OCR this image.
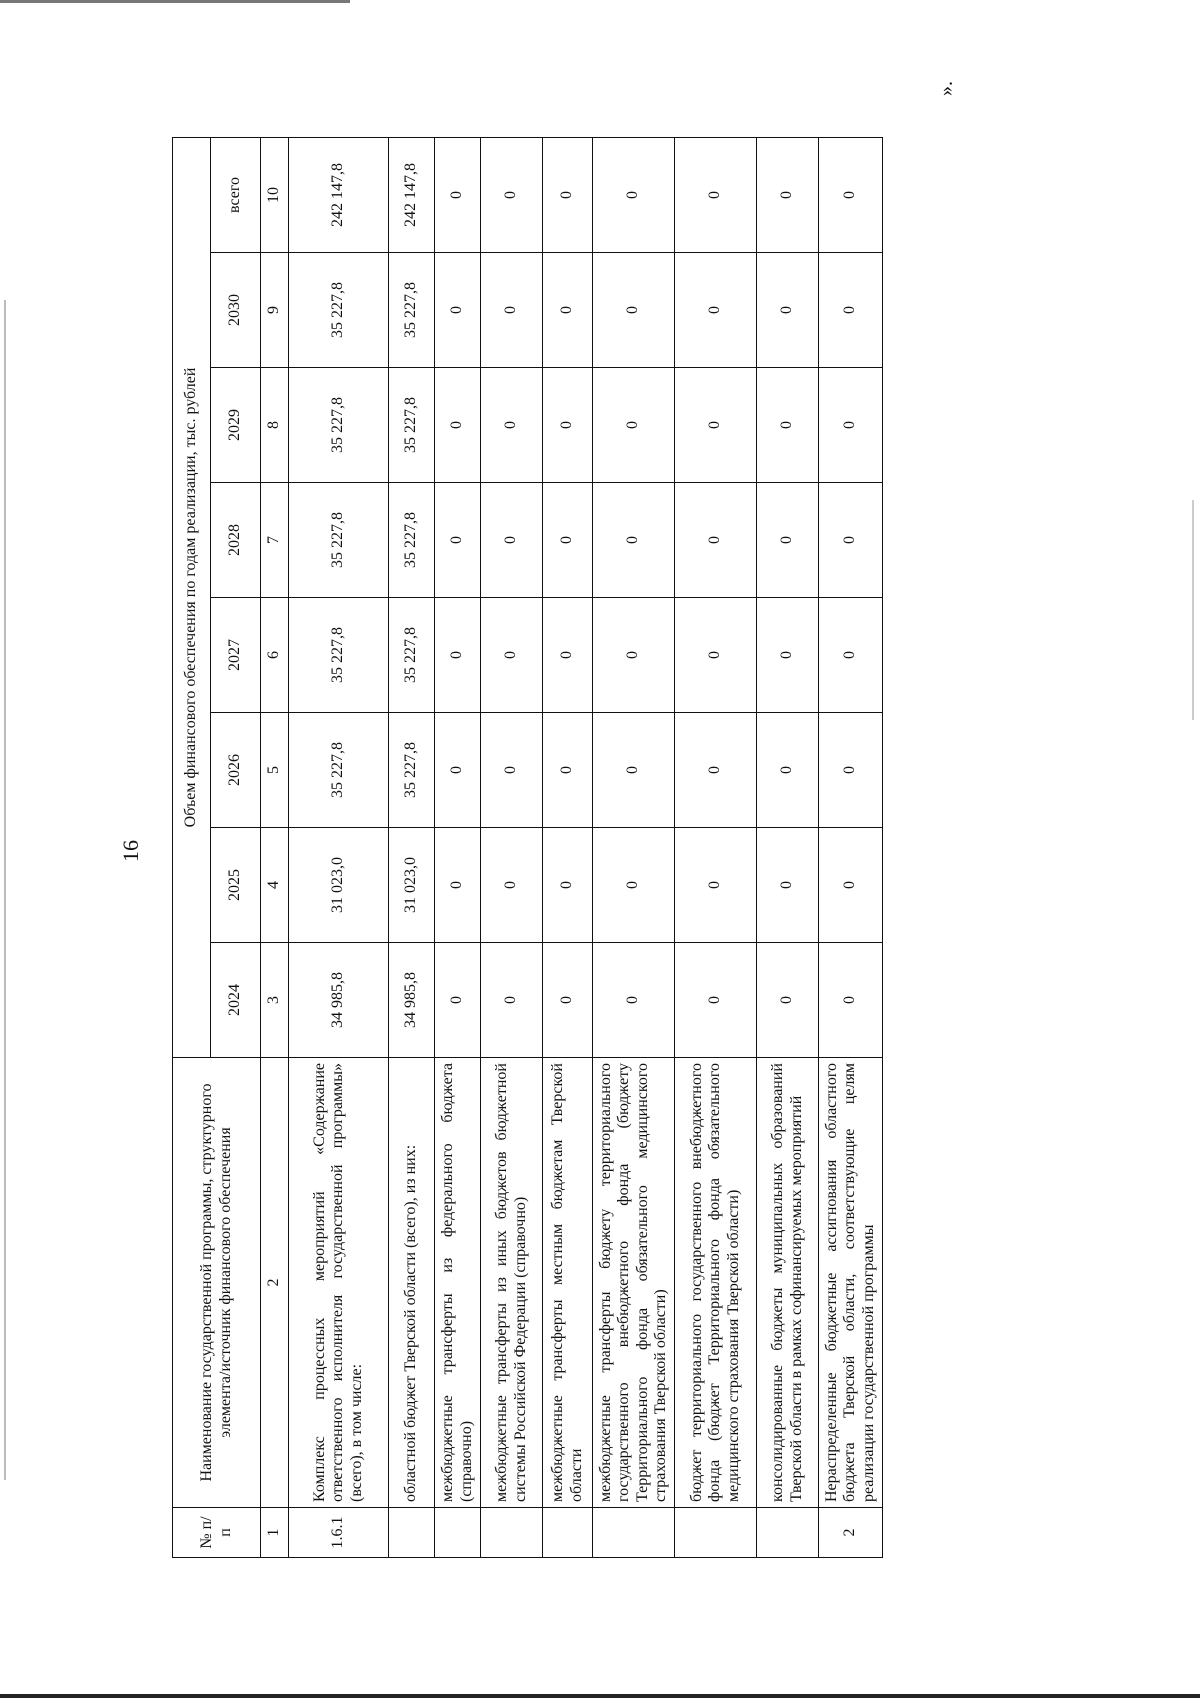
16
№ п/п	Наименование государственной программы, структурного элемента/источник финансового обеспечения	Объем финансового обеспечения по годам реализации, тыс. рублей							
		2024	2025	2026	2027	2028	2029	2030	всего
1	2	3	4	5	6	7	8	9	10
1.6.1	Комплекс процессных мероприятий «Содержание ответственного исполнителя государственной программы» (всего), в том числе:	34 985,8	31 023,0	35 227,8	35 227,8	35 227,8	35 227,8	35 227,8	242 147,8
	областной бюджет Тверской области (всего), из них:	34 985,8	31 023,0	35 227,8	35 227,8	35 227,8	35 227,8	35 227,8	242 147,8
	межбюджетные трансферты из федерального бюджета (справочно)	0	0	0	0	0	0	0	0
	межбюджетные трансферты из иных бюджетов бюджетной системы Российской Федерации (справочно)	0	0	0	0	0	0	0	0
	межбюджетные трансферты местным бюджетам Тверской области	0	0	0	0	0	0	0	0
	межбюджетные трансферты бюджету территориального государственного внебюджетного фонда (бюджету Территориального фонда обязательного медицинского страхования Тверской области)	0	0	0	0	0	0	0	0
	бюджет территориального государственного внебюджетного фонда (бюджет Территориального фонда обязательного медицинского страхования Тверской области)	0	0	0	0	0	0	0	0
	консолидированные бюджеты муниципальных образований Тверской области в рамках софинансируемых мероприятий	0	0	0	0	0	0	0	0
2	Нераспределенные бюджетные ассигнования областного бюджета Тверской области, соответствующие целям реализации государственной программы	0	0	0	0	0	0	0	0
».
